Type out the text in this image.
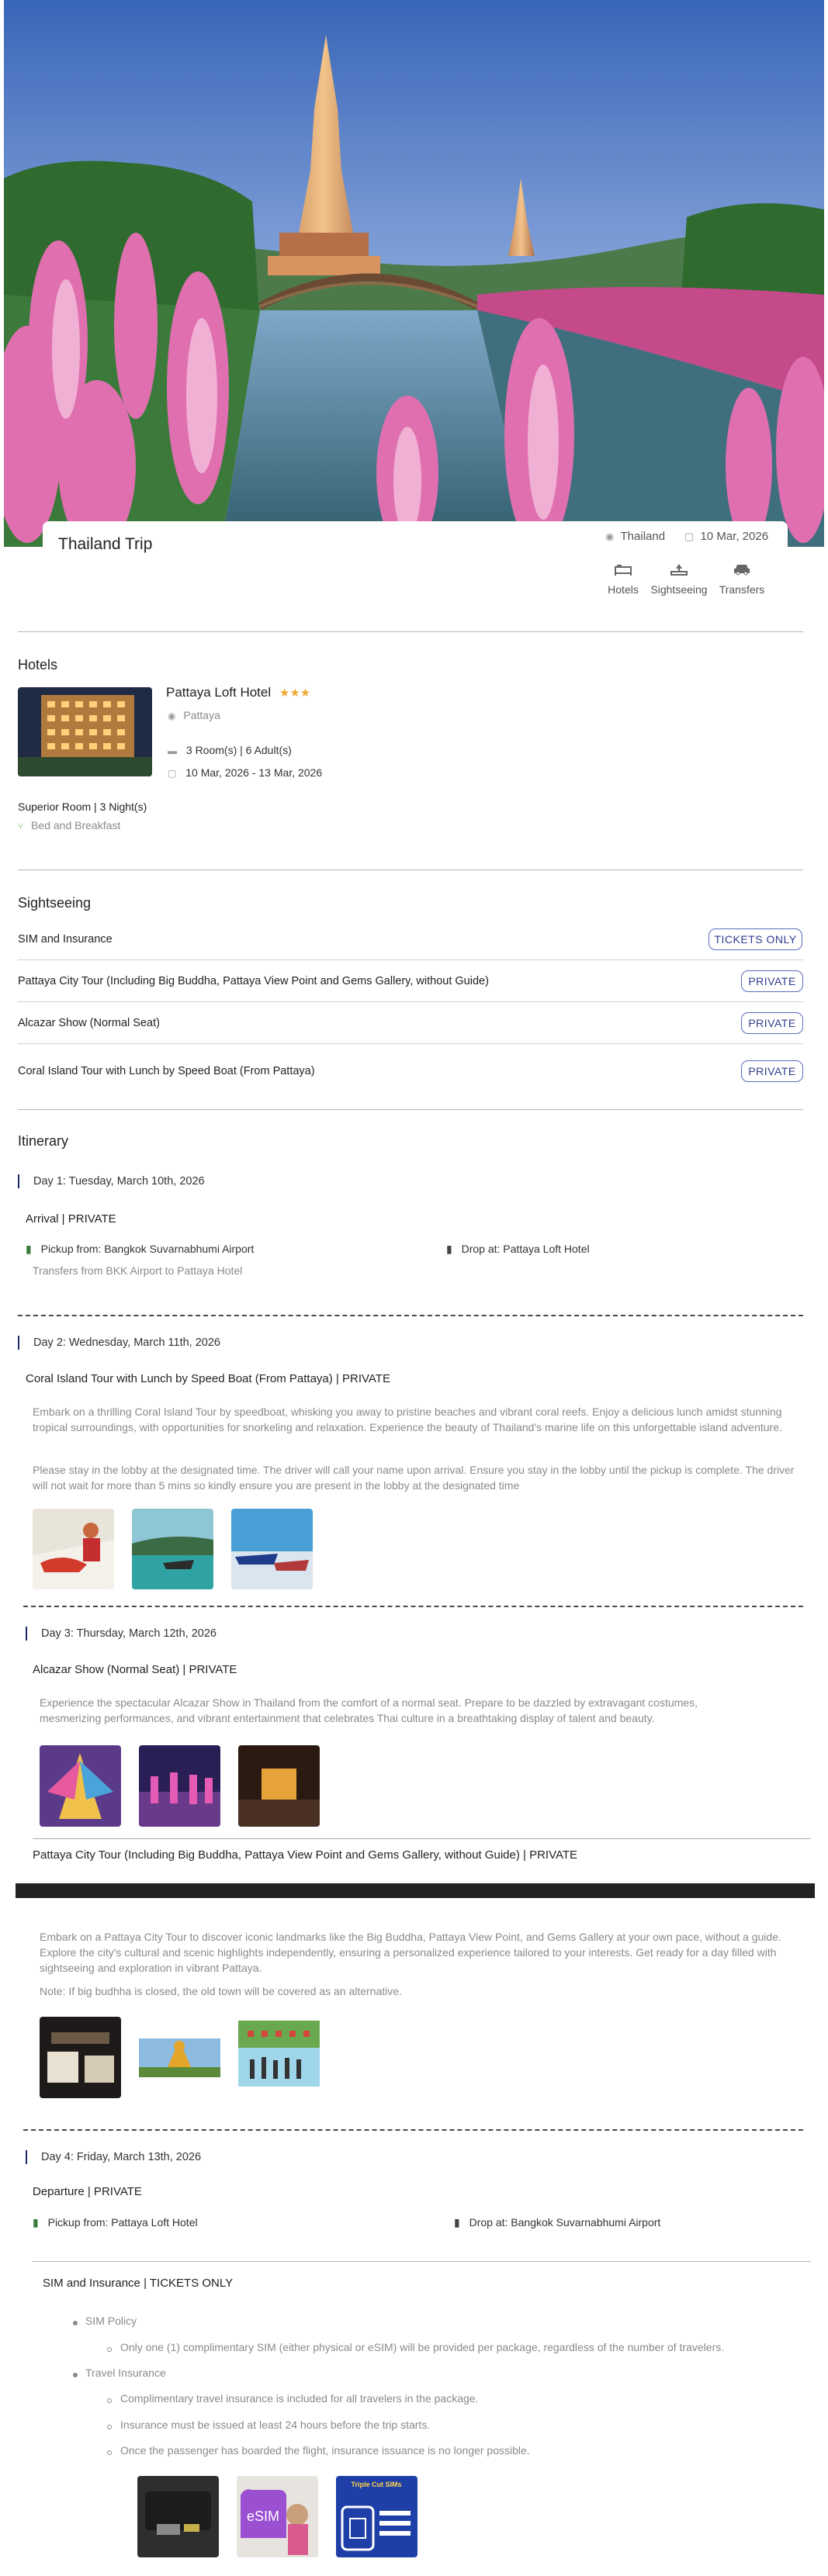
Thailand Trip	◉ Thailand ▢ 10 Mar, 2026
Hotels	Sightseeing	Transfers
Hotels
Pattaya Loft Hotel ★★★
◉ Pattaya
▬ 3 Room(s) | 6 Adult(s)
▢ 10 Mar, 2026 - 13 Mar, 2026
Superior Room | 3 Night(s)
⑂ Bed and Breakfast
Sightseeing
SIM and Insurance	TICKETS ONLY
Pattaya City Tour (Including Big Buddha, Pattaya View Point and Gems Gallery, without Guide)	PRIVATE
Alcazar Show (Normal Seat)	PRIVATE
Coral Island Tour with Lunch by Speed Boat (From Pattaya)	PRIVATE
Itinerary
Day 1: Tuesday, March 10th, 2026
Arrival | PRIVATE
▮ Pickup from: Bangkok Suvarnabhumi Airport	▮ Drop at: Pattaya Loft Hotel
Transfers from BKK Airport to Pattaya Hotel
Day 2: Wednesday, March 11th, 2026
Coral Island Tour with Lunch by Speed Boat (From Pattaya) | PRIVATE
Embark on a thrilling Coral Island Tour by speedboat, whisking you away to pristine beaches and vibrant coral reefs. Enjoy a delicious lunch amidst stunning tropical surroundings, with opportunities for snorkeling and relaxation. Experience the beauty of Thailand's marine life on this unforgettable island adventure.
Please stay in the lobby at the designated time. The driver will call your name upon arrival. Ensure you stay in the lobby until the pickup is complete. The driver will not wait for more than 5 mins so kindly ensure you are present in the lobby at the designated time
Day 3: Thursday, March 12th, 2026
Alcazar Show (Normal Seat) | PRIVATE
Experience the spectacular Alcazar Show in Thailand from the comfort of a normal seat. Prepare to be dazzled by extravagant costumes, mesmerizing performances, and vibrant entertainment that celebrates Thai culture in a breathtaking display of talent and beauty.
Pattaya City Tour (Including Big Buddha, Pattaya View Point and Gems Gallery, without Guide) | PRIVATE
Embark on a Pattaya City Tour to discover iconic landmarks like the Big Buddha, Pattaya View Point, and Gems Gallery at your own pace, without a guide. Explore the city's cultural and scenic highlights independently, ensuring a personalized experience tailored to your interests. Get ready for a day filled with sightseeing and exploration in vibrant Pattaya.
Note: If big budhha is closed, the old town will be covered as an alternative.
Day 4: Friday, March 13th, 2026
Departure | PRIVATE
▮ Pickup from: Pattaya Loft Hotel	▮ Drop at: Bangkok Suvarnabhumi Airport
SIM and Insurance | TICKETS ONLY
SIM Policy
Only one (1) complimentary SIM (either physical or eSIM) will be provided per package, regardless of the number of travelers.
Travel Insurance
Complimentary travel insurance is included for all travelers in the package.
Insurance must be issued at least 24 hours before the trip starts.
Once the passenger has boarded the flight, insurance issuance is no longer possible.
eSIM
Triple Cut SIMs
